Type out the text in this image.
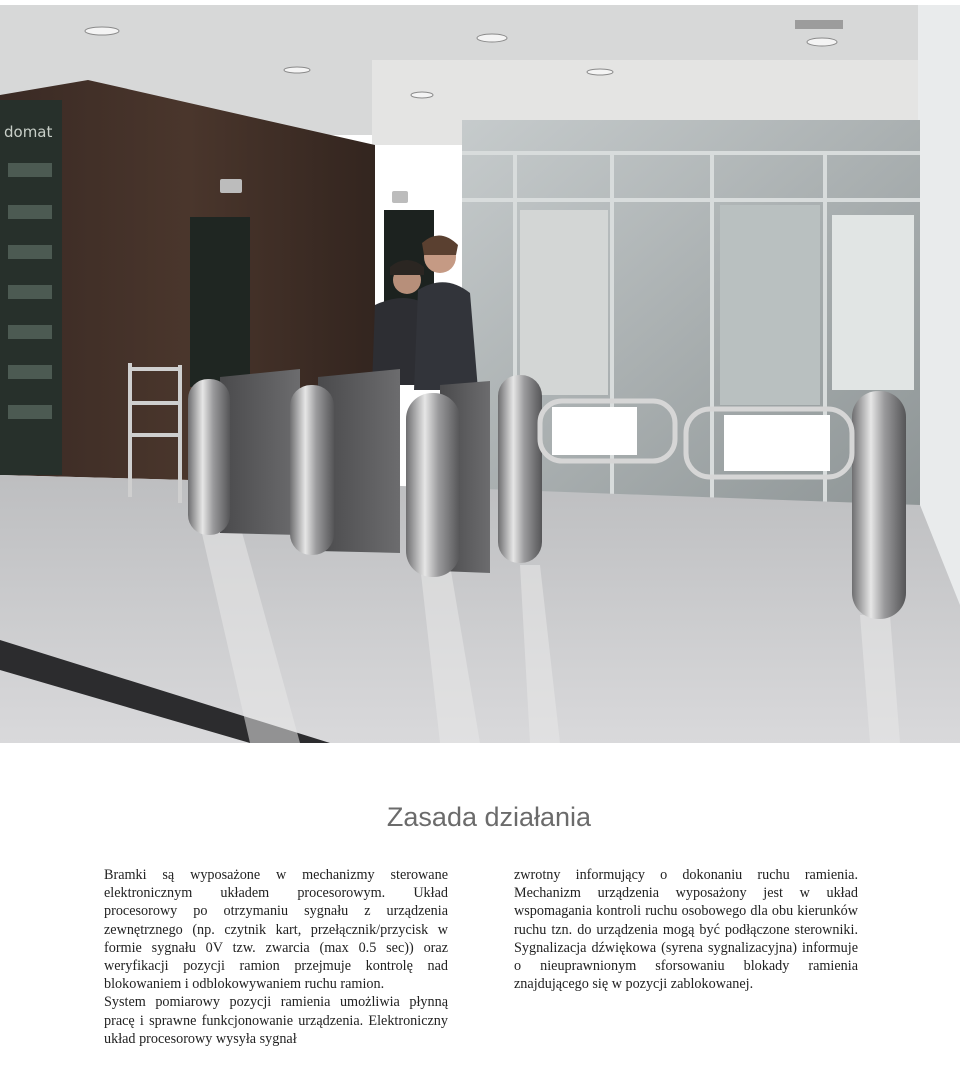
domat
Zasada działania

Bramki są wyposażone w mechanizmy sterowane elektronicznym układem procesorowym. Układ procesorowy po otrzymaniu sygnału z urządzenia zewnętrznego (np. czytnik kart, przełącznik/przycisk w formie sygnału 0V tzw. zwarcia (max 0.5 sec)) oraz weryfikacji pozycji ramion przejmuje kontrolę nad blokowaniem i odblokowywaniem ruchu ramion.

System pomiarowy pozycji ramienia umożliwia płynną pracę i sprawne funkcjonowanie urządzenia. Elektroniczny układ procesorowy wysyła sygnał

zwrotny informujący o dokonaniu ruchu ramienia. Mechanizm urządzenia wyposażony jest w układ wspomagania kontroli ruchu osobowego dla obu kierunków ruchu tzn. do urządzenia mogą być podłączone sterowniki. Sygnalizacja dźwiękowa (syrena sygnalizacyjna) informuje o nieuprawnionym sforsowaniu blokady ramienia znajdującego się w pozycji zablokowanej.
